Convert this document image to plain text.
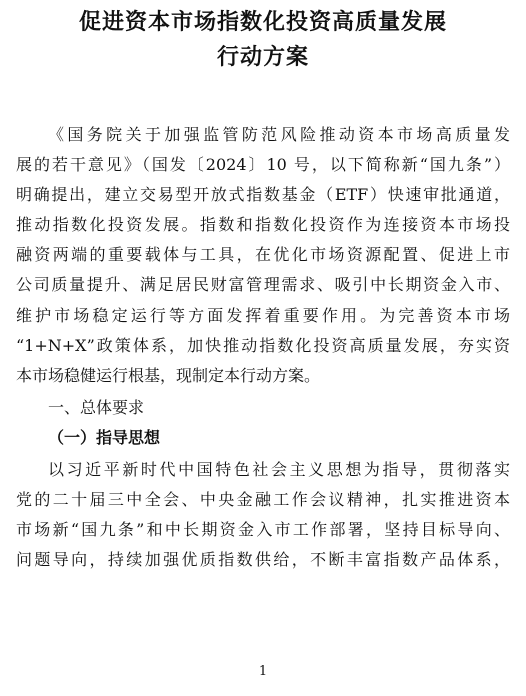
促进资本市场指数化投资高质量发展
行动方案
《国务院关于加强监管防范风险推动资本市场高质量发
展的若干意见》（国发〔2024〕10 号，以下简称新“国九条”）
明确提出，建立交易型开放式指数基金（ETF）快速审批通道，
推动指数化投资发展。指数和指数化投资作为连接资本市场投
融资两端的重要载体与工具，在优化市场资源配置、促进上市
公司质量提升、满足居民财富管理需求、吸引中长期资金入市、
维护市场稳定运行等方面发挥着重要作用。为完善资本市场
“1+N+X”政策体系，加快推动指数化投资高质量发展，夯实资
本市场稳健运行根基，现制定本行动方案。
一、总体要求
（一）指导思想
以习近平新时代中国特色社会主义思想为指导，贯彻落实
党的二十届三中全会、中央金融工作会议精神，扎实推进资本
市场新“国九条”和中长期资金入市工作部署，坚持目标导向、
问题导向，持续加强优质指数供给，不断丰富指数产品体系，
1
